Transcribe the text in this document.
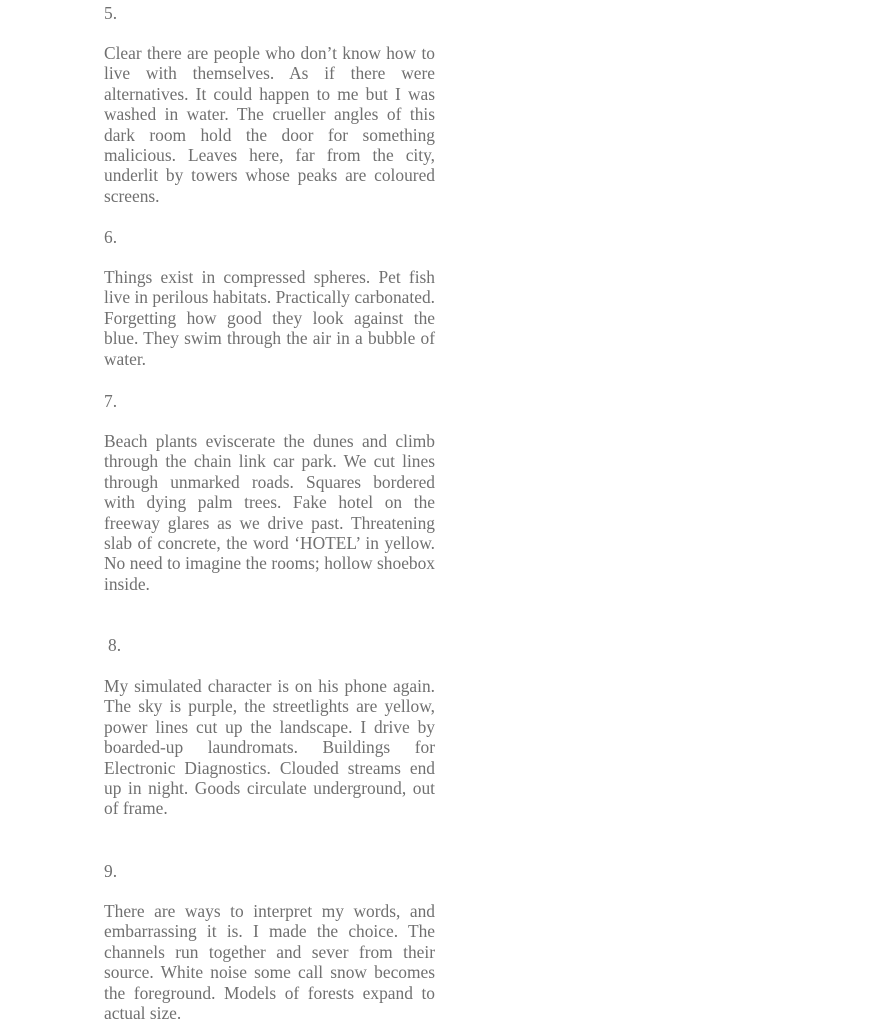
5.

Clear there are people who don’t know how to live with themselves. As if there were alternatives. It could happen to me but I was washed in water. The crueller angles of this dark room hold the door for something malicious. Leaves here, far from the city, underlit by towers whose peaks are coloured screens.

6.

Things exist in compressed spheres. Pet fish live in perilous habitats. Practically carbonated. Forgetting how good they look against the blue. They swim through the air in a bubble of water.

7.

Beach plants eviscerate the dunes and climb through the chain link car park. We cut lines through unmarked roads. Squares bordered with dying palm trees. Fake hotel on the freeway glares as we drive past. Threatening slab of concrete, the word ‘HOTEL’ in yellow. No need to imagine the rooms; hollow shoebox inside.

8.

My simulated character is on his phone again. The sky is purple, the streetlights are yellow, power lines cut up the landscape. I drive by boarded-up laundromats. Buildings for Electronic Diagnostics. Clouded streams end up in night. Goods circulate underground, out of frame.

9.

There are ways to interpret my words, and embarrassing it is. I made the choice. The channels run together and sever from their source. White noise some call snow becomes the foreground. Models of forests expand to actual size.
